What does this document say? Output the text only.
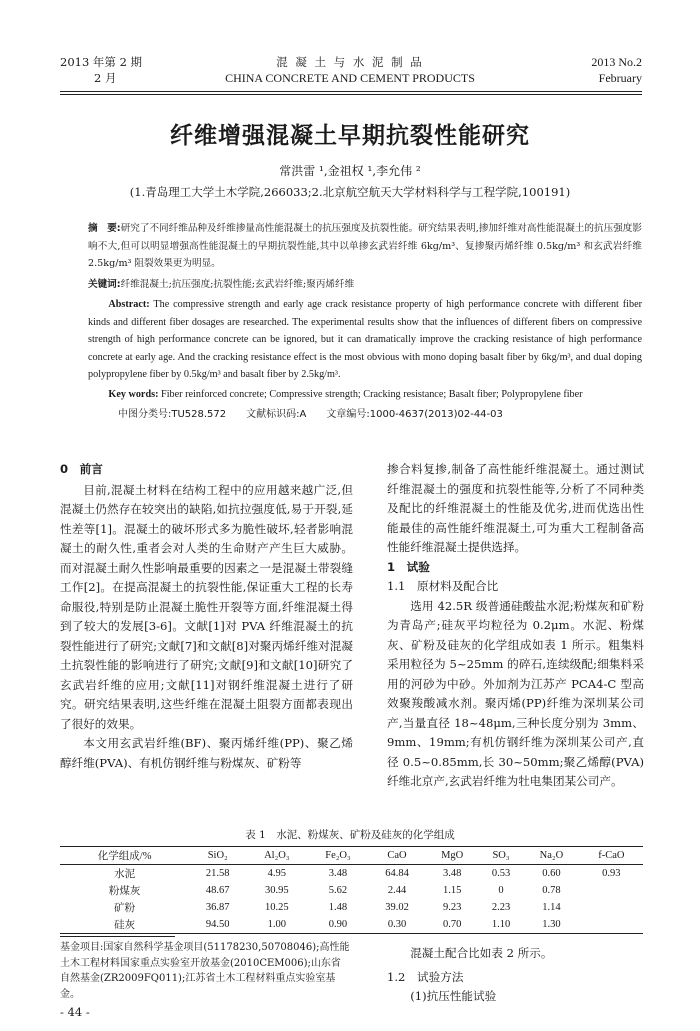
2013 年第 2 期
2 月
混 凝 土 与 水 泥 制 品
CHINA CONCRETE AND CEMENT PRODUCTS
2013 No.2
February
纤维增强混凝土早期抗裂性能研究
常洪雷 ¹,金祖权 ¹,李允伟 ²
(1.青岛理工大学土木学院,266033;2.北京航空航天大学材料科学与工程学院,100191)
摘　要:研究了不同纤维品种及纤维掺量高性能混凝土的抗压强度及抗裂性能。研究结果表明,掺加纤维对高性能混凝土的抗压强度影响不大,但可以明显增强高性能混凝土的早期抗裂性能,其中以单掺玄武岩纤维 6kg/m³、复掺聚丙烯纤维 0.5kg/m³ 和玄武岩纤维 2.5kg/m³ 阻裂效果更为明显。
关键词:纤维混凝土;抗压强度;抗裂性能;玄武岩纤维;聚丙烯纤维
Abstract: The compressive strength and early age crack resistance property of high performance concrete with different fiber kinds and different fiber dosages are researched. The experimental results show that the influences of different fibers on compressive strength of high performance concrete can be ignored, but it can dramatically improve the cracking resistance of high performance concrete at early age. And the cracking resistance effect is the most obvious with mono doping basalt fiber by 6kg/m³, and dual doping polypropylene fiber by 0.5kg/m³ and basalt fiber by 2.5kg/m³.
Key words: Fiber reinforced concrete; Compressive strength; Cracking resistance; Basalt fiber; Polypropylene fiber
中图分类号:TU528.572　　文献标识码:A　　文章编号:1000-4637(2013)02-44-03

0　前言

目前,混凝土材料在结构工程中的应用越来越广泛,但混凝土仍然存在较突出的缺陷,如抗拉强度低,易于开裂,延性差等[1]。混凝土的破坏形式多为脆性破坏,轻者影响混凝土的耐久性,重者会对人类的生命财产产生巨大威胁。而对混凝土耐久性影响最重要的因素之一是混凝土带裂缝工作[2]。在提高混凝土的抗裂性能,保证重大工程的长寿命服役,特别是防止混凝土脆性开裂等方面,纤维混凝土得到了较大的发展[3-6]。文献[1]对 PVA 纤维混凝土的抗裂性能进行了研究;文献[7]和文献[8]对聚丙烯纤维对混凝土抗裂性能的影响进行了研究;文献[9]和文献[10]研究了玄武岩纤维的应用;文献[11]对钢纤维混凝土进行了研究。研究结果表明,这些纤维在混凝土阻裂方面都表现出了很好的效果。

本文用玄武岩纤维(BF)、聚丙烯纤维(PP)、聚乙烯醇纤维(PVA)、有机仿钢纤维与粉煤灰、矿粉等

掺合料复掺,制备了高性能纤维混凝土。通过测试纤维混凝土的强度和抗裂性能等,分析了不同种类及配比的纤维混凝土的性能及优劣,进而优选出性能最佳的高性能纤维混凝土,可为重大工程制备高性能纤维混凝土提供选择。

1　试验

1.1　原材料及配合比

选用 42.5R 级普通硅酸盐水泥;粉煤灰和矿粉为青岛产;硅灰平均粒径为 0.2μm。水泥、粉煤灰、矿粉及硅灰的化学组成如表 1 所示。粗集料采用粒径为 5~25mm 的碎石,连续级配;细集料采用的河砂为中砂。外加剂为江苏产 PCA4-C 型高效聚羧酸减水剂。聚丙烯(PP)纤维为深圳某公司产,当量直径 18~48μm,三种长度分别为 3mm、9mm、19mm;有机仿钢纤维为深圳某公司产,直径 0.5~0.85mm,长 30~50mm;聚乙烯醇(PVA)纤维北京产,玄武岩纤维为牡电集团某公司产。

表 1　水泥、粉煤灰、矿粉及硅灰的化学组成
化学组成/%	SiO₂	Al₂O₃	Fe₂O₃	CaO	MgO	SO₃	Na₂O	f-CaO
水泥	21.58	4.95	3.48	64.84	3.48	0.53	0.60	0.93
粉煤灰	48.67	30.95	5.62	2.44	1.15	0	0.78	
矿粉	36.87	10.25	1.48	39.02	9.23	2.23	1.14	
硅灰	94.50	1.00	0.90	0.30	0.70	1.10	1.30	
基金项目:国家自然科学基金项目(51178230,50708046);高性能土木工程材料国家重点实验室开放基金(2010CEM006);山东省自然基金(ZR2009FQ011);江苏省土木工程材料重点实验室基金。
- 44 -

混凝土配合比如表 2 所示。

1.2　试验方法

(1)抗压性能试验
